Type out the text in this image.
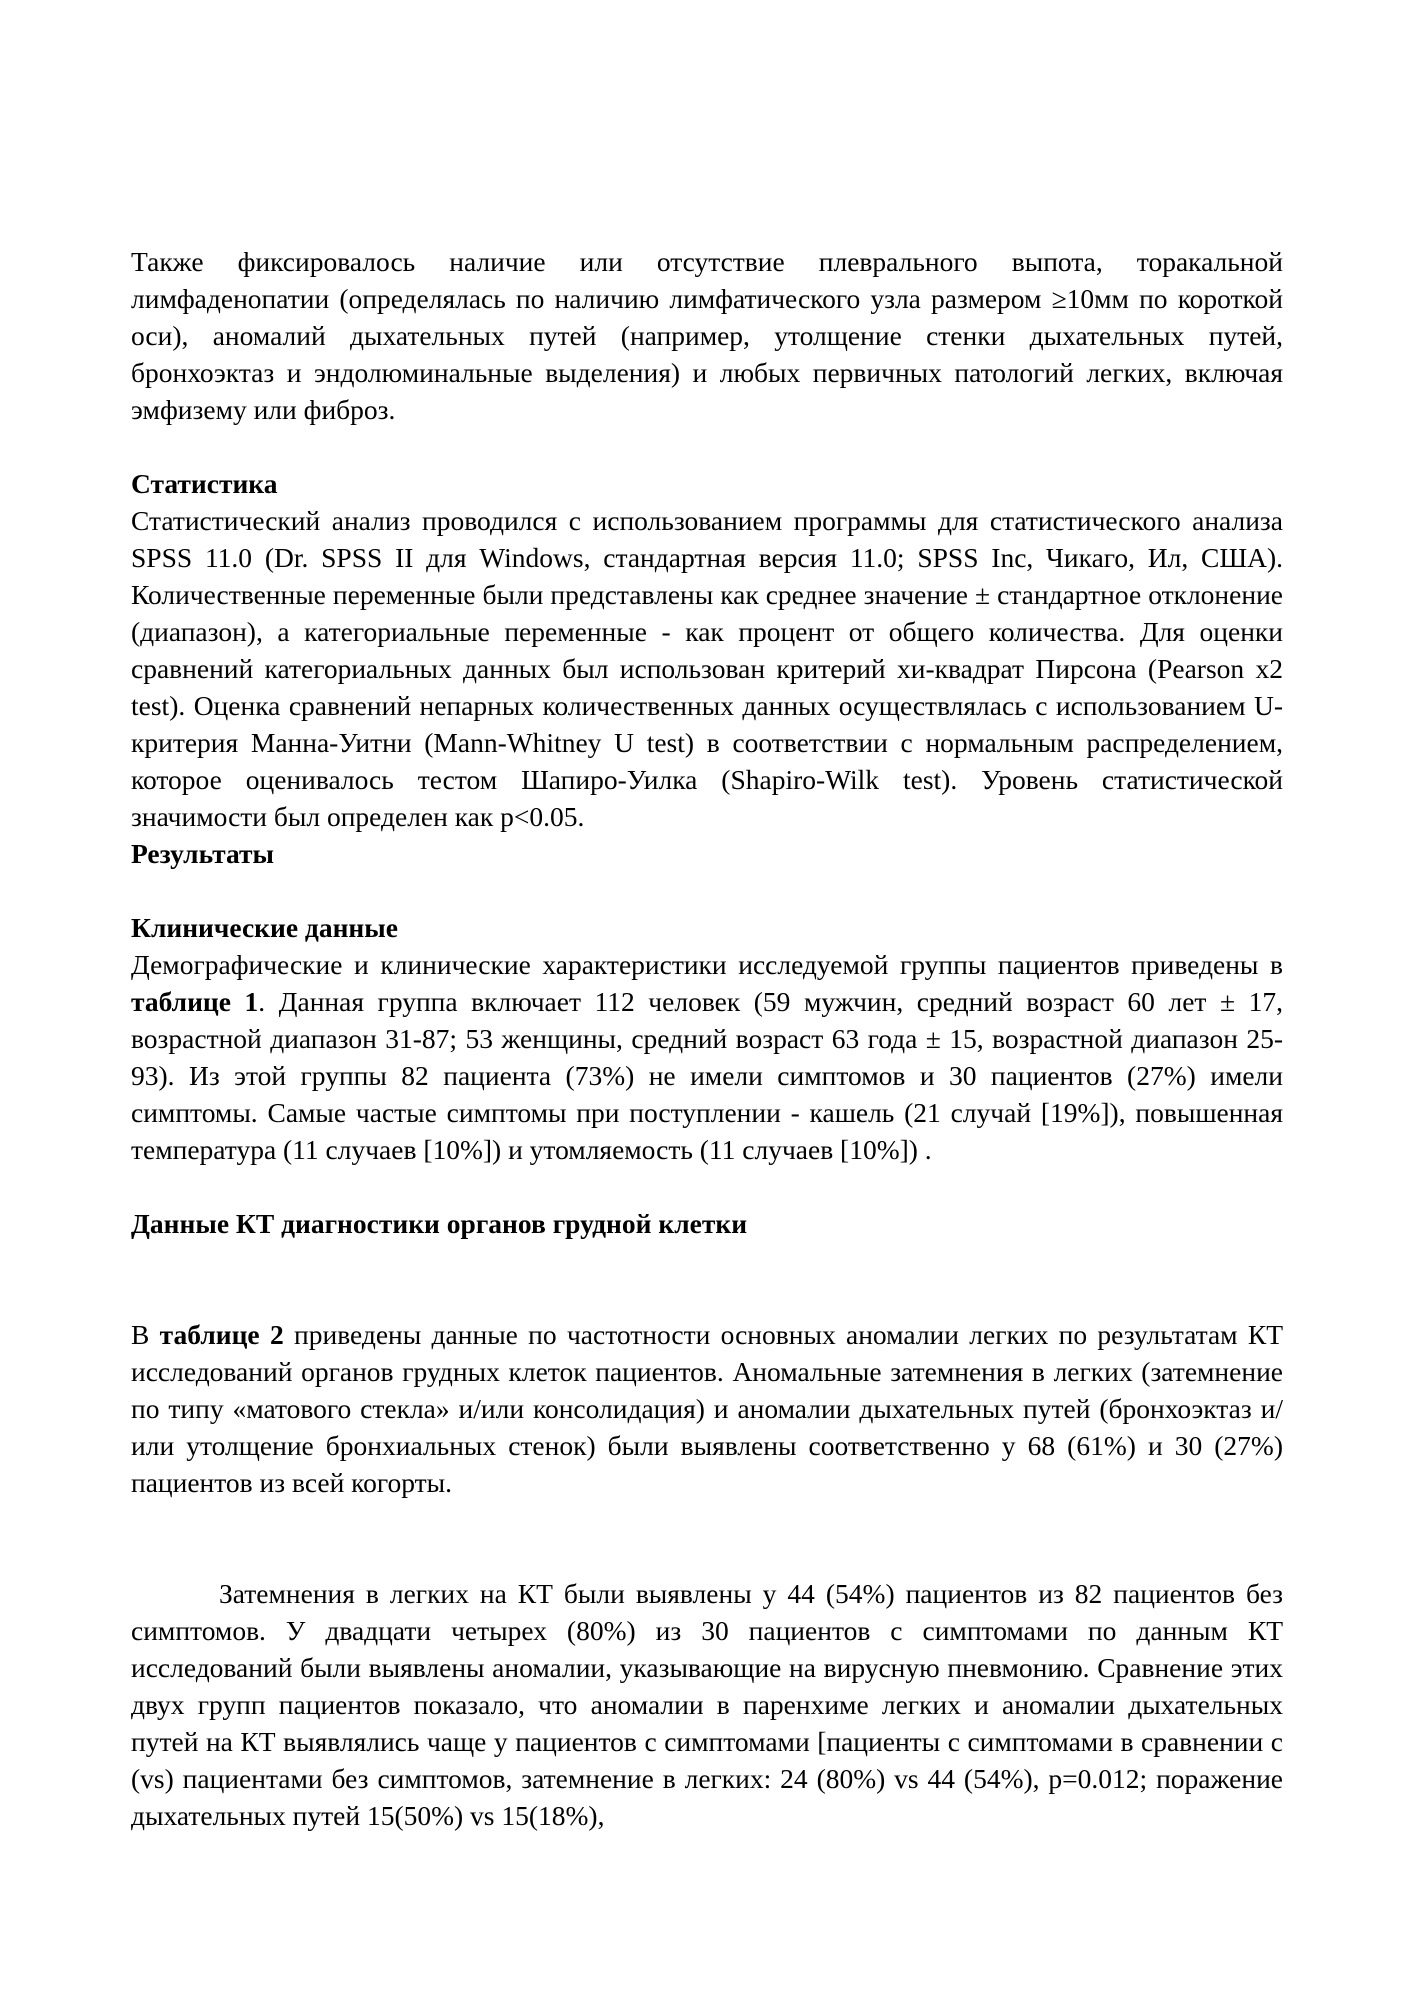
Также фиксировалось наличие или отсутствие плеврального выпота, торакальной лимфаденопатии (определялась по наличию лимфатического узла размером ≥10мм по короткой оси), аномалий дыхательных путей (например, утолщение стенки дыхательных путей, бронхоэктаз и эндолюминальные выделения) и любых первичных патологий легких, включая эмфизему или фиброз.

Статистика

Статистический анализ проводился с использованием программы для статистического анализа SPSS 11.0 (Dr. SPSS II для Windows, стандартная версия 11.0; SPSS Inc, Чикаго, Ил, США). Количественные переменные были представлены как среднее значение ± стандартное отклонение (диапазон), а категориальные переменные - как процент от общего количества. Для оценки сравнений категориальных данных был использован критерий хи-квадрат Пирсона (Pearson x2 test). Оценка сравнений непарных количественных данных осуществлялась с использованием U-критерия Манна-Уитни (Mann-Whitney U test) в соответствии с нормальным распределением, которое оценивалось тестом Шапиро-Уилка (Shapiro-Wilk test). Уровень статистической значимости был определен как p<0.05.

Результаты
Клинические данные

Демографические и клинические характеристики исследуемой группы пациентов приведены в таблице 1. Данная группа включает 112 человек (59 мужчин, средний возраст 60 лет ± 17, возрастной диапазон 31-87; 53 женщины, средний возраст 63 года ± 15, возрастной диапазон 25-93). Из этой группы 82 пациента (73%) не имели симптомов и 30 пациентов (27%) имели симптомы. Самые частые симптомы при поступлении - кашель (21 случай [19%]), повышенная температура (11 случаев [10%]) и утомляемость (11 случаев [10%]) .

Данные КТ диагностики органов грудной клетки

В таблице 2 приведены данные по частотности основных аномалии легких по результатам КТ исследований органов грудных клеток пациентов. Аномальные затемнения в легких (затемнение по типу «матового стекла» и/или консолидация) и аномалии дыхательных путей (бронхоэктаз и/или утолщение бронхиальных стенок) были выявлены соответственно у 68 (61%) и 30 (27%) пациентов из всей когорты.

Затемнения в легких на КТ были выявлены у 44 (54%) пациентов из 82 пациентов без симптомов. У двадцати четырех (80%) из 30 пациентов с симптомами по данным КТ исследований были выявлены аномалии, указывающие на вирусную пневмонию. Сравнение этих двух групп пациентов показало, что аномалии в паренхиме легких и аномалии дыхательных путей на КТ выявлялись чаще у пациентов с симптомами [пациенты с симптомами в сравнении с (vs) пациентами без симптомов, затемнение в легких: 24 (80%) vs 44 (54%), p=0.012; поражение дыхательных путей 15(50%) vs 15(18%),
